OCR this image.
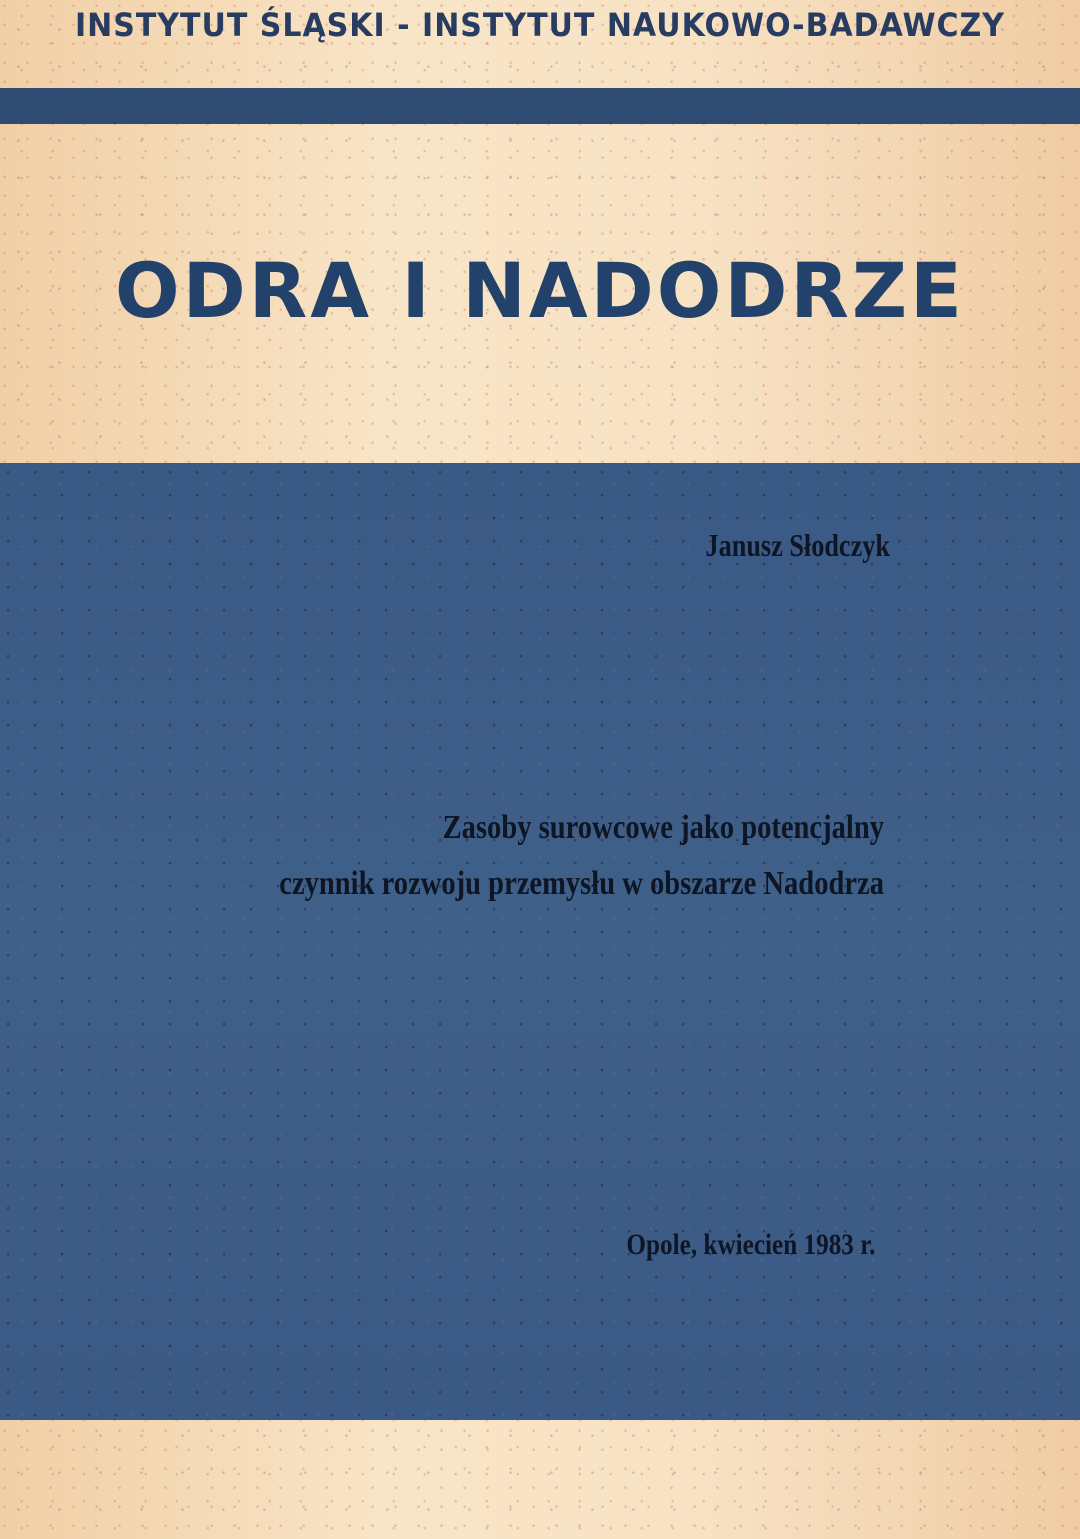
INSTYTUT ŚLĄSKI - INSTYTUT NAUKOWO-BADAWCZY
ODRA I NADODRZE
Janusz Słodczyk
Zasoby surowcowe jako potencjalny
czynnik rozwoju przemysłu w obszarze Nadodrza
Opole, kwiecień 1983 r.
